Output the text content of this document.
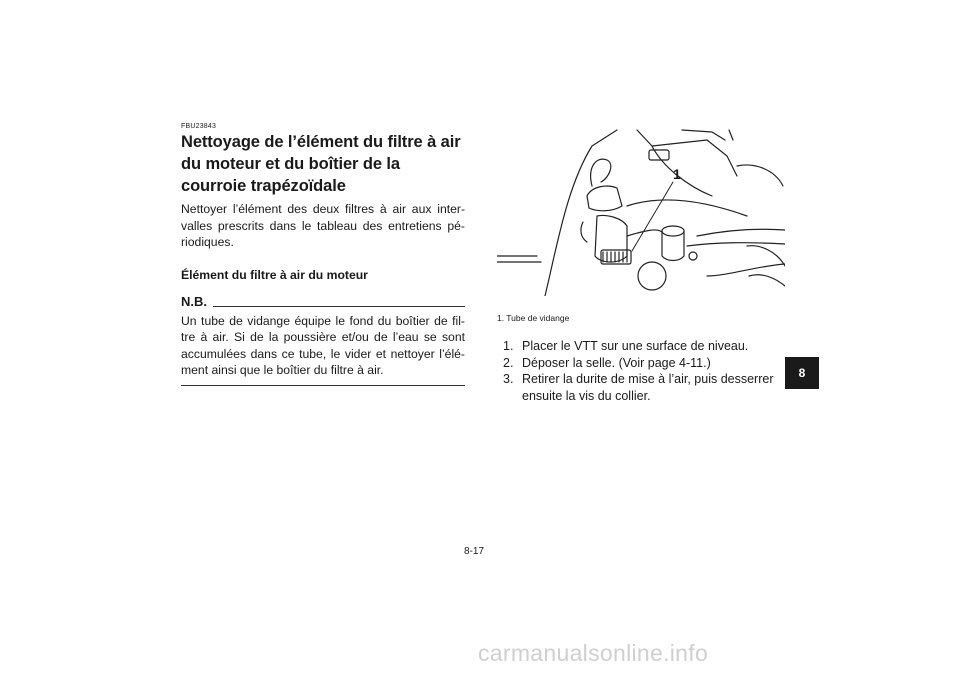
FBU23843
Nettoyage de l’élément du filtre à air du moteur et du boîtier de la courroie trapézoïdale

Nettoyer l’élément des deux filtres à air aux inter-valles prescrits dans le tableau des entretiens pé-riodiques.

Élément du filtre à air du moteur

N.B.
Un tube de vidange équipe le fond du boîtier de fil-tre à air. Si de la poussière et/ou de l’eau se sont accumulées dans ce tube, le vider et nettoyer l’élé-ment ainsi que le boîtier du filtre à air.
1
1. Tube de vidange
1. Placer le VTT sur une surface de niveau.
2. Déposer la selle. (Voir page 4-11.)
3. Retirer la durite de mise à l’air, puis desserrer ensuite la vis du collier.
8
8-17
carmanualsonline.info
